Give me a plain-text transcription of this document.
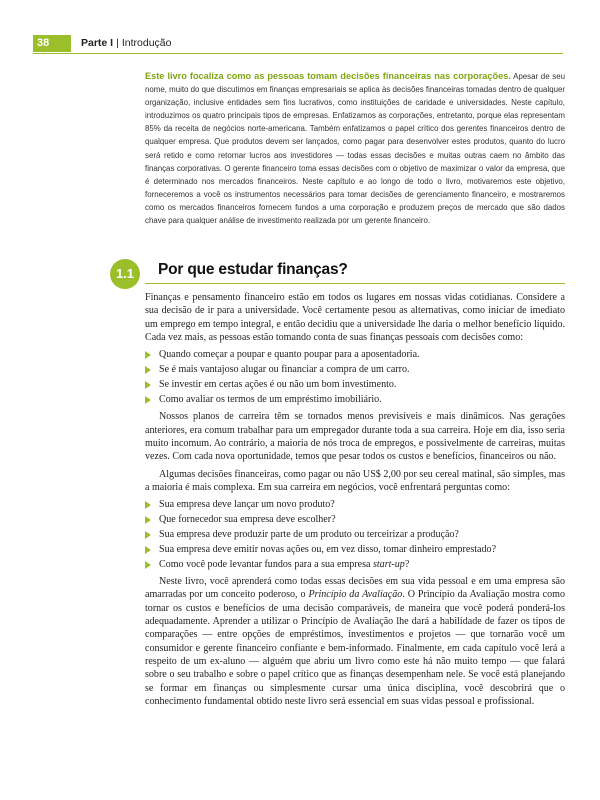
38	Parte I | Introdução
Este livro focaliza como as pessoas tomam decisões financeiras nas corporações. Apesar de seu nome, muito do que discutimos em finanças empresariais se aplica às decisões financeiras tomadas dentro de qualquer organização, inclusive entidades sem fins lucrativos, como instituições de caridade e universidades. Neste capítulo, introduzimos os quatro principais tipos de empresas. Enfatizamos as corporações, entretanto, porque elas representam 85% da receita de negócios norte-americana. Também enfatizamos o papel crítico dos gerentes financeiros dentro de qualquer empresa. Que produtos devem ser lançados, como pagar para desenvolver estes produtos, quanto do lucro será retido e como retornar lucros aos investidores — todas essas decisões e muitas outras caem no âmbito das finanças corporativas. O gerente financeiro toma essas decisões com o objetivo de maximizar o valor da empresa, que é determinado nos mercados financeiros. Neste capítulo e ao longo de todo o livro, motivaremos este objetivo, forneceremos a você os instrumentos necessários para tomar decisões de gerenciamento financeiro, e mostraremos como os mercados financeiros fornecem fundos a uma corporação e produzem preços de mercado que são dados chave para qualquer análise de investimento realizada por um gerente financeiro.
1.1	Por que estudar finanças?

Finanças e pensamento financeiro estão em todos os lugares em nossas vidas cotidianas. Considere a sua decisão de ir para a universidade. Você certamente pesou as alternativas, como iniciar de imediato um emprego em tempo integral, e então decidiu que a universidade lhe daria o melhor benefício líquido. Cada vez mais, as pessoas estão tomando conta de suas finanças pessoais com decisões como:

Quando começar a poupar e quanto poupar para a aposentadoria.
Se é mais vantajoso alugar ou financiar a compra de um carro.
Se investir em certas ações é ou não um bom investimento.
Como avaliar os termos de um empréstimo imobiliário.

Nossos planos de carreira têm se tornados menos previsíveis e mais dinâmicos. Nas gerações anteriores, era comum trabalhar para um empregador durante toda a sua carreira. Hoje em dia, isso seria muito incomum. Ao contrário, a maioria de nós troca de empregos, e possivelmente de carreiras, muitas vezes. Com cada nova oportunidade, temos que pesar todos os custos e benefícios, financeiros ou não.

Algumas decisões financeiras, como pagar ou não US$ 2,00 por seu cereal matinal, são simples, mas a maioria é mais complexa. Em sua carreira em negócios, você enfrentará perguntas como:

Sua empresa deve lançar um novo produto?
Que fornecedor sua empresa deve escolher?
Sua empresa deve produzir parte de um produto ou terceirizar a produção?
Sua empresa deve emitir novas ações ou, em vez disso, tomar dinheiro emprestado?
Como você pode levantar fundos para a sua empresa start-up?

Neste livro, você aprenderá como todas essas decisões em sua vida pessoal e em uma empresa são amarradas por um conceito poderoso, o Princípio da Avaliação. O Princípio da Avaliação mostra como tornar os custos e benefícios de uma decisão comparáveis, de maneira que você poderá ponderá-los adequadamente. Aprender a utilizar o Princípio de Avaliação lhe dará a habilidade de fazer os tipos de comparações — entre opções de empréstimos, investimentos e projetos — que tornarão você um consumidor e gerente financeiro confiante e bem-informado. Finalmente, em cada capítulo você lerá a respeito de um ex-aluno — alguém que abriu um livro como este há não muito tempo — que falará sobre o seu trabalho e sobre o papel crítico que as finanças desempenham nele. Se você está planejando se formar em finanças ou simplesmente cursar uma única disciplina, você descobrirá que o conhecimento fundamental obtido neste livro será essencial em suas vidas pessoal e profissional.
